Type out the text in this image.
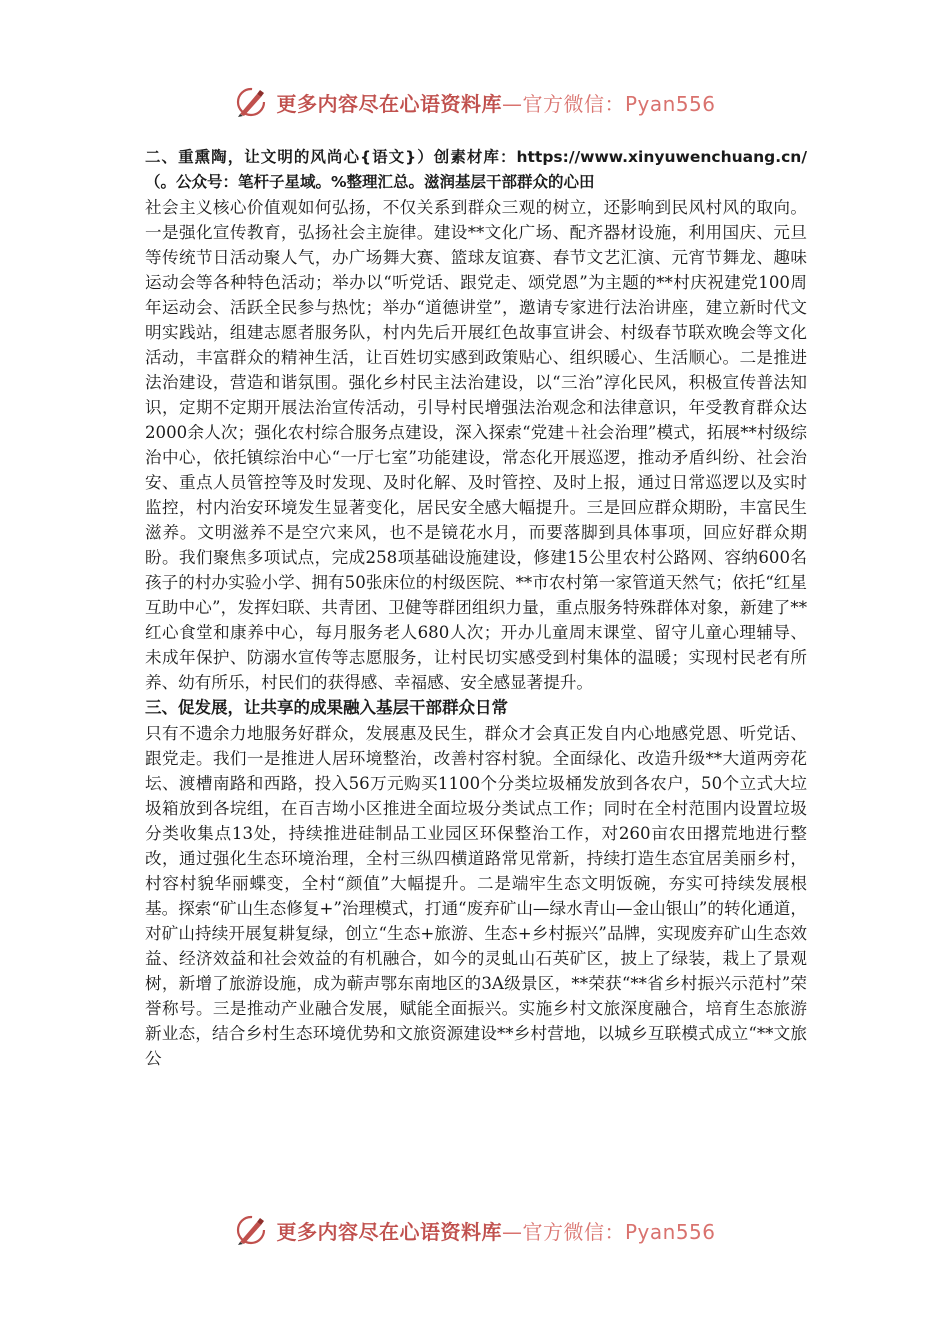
更多内容尽在心语资料库—官方微信：Pyan556

二、重熏陶，让文明的风尚心{语文}）创素材库：https://www.xinyuwenchuang.cn/（。公众号：笔杆子星域。%整理汇总。滋润基层干部群众的心田

社会主义核心价值观如何弘扬，不仅关系到群众三观的树立，还影响到民风村风的取向。一是强化宣传教育，弘扬社会主旋律。建设**文化广场、配齐器材设施，利用国庆、元旦等传统节日活动聚人气，办广场舞大赛、篮球友谊赛、春节文艺汇演、元宵节舞龙、趣味运动会等各种特色活动；举办以“听党话、跟党走、颂党恩”为主题的**村庆祝建党100周年运动会、活跃全民参与热忱；举办“道德讲堂”，邀请专家进行法治讲座，建立新时代文明实践站，组建志愿者服务队，村内先后开展红色故事宣讲会、村级春节联欢晚会等文化活动，丰富群众的精神生活，让百姓切实感到政策贴心、组织暖心、生活顺心。二是推进法治建设，营造和谐氛围。强化乡村民主法治建设，以“三治”淳化民风，积极宣传普法知识，定期不定期开展法治宣传活动，引导村民增强法治观念和法律意识，年受教育群众达2000余人次；强化农村综合服务点建设，深入探索“党建＋社会治理”模式，拓展**村级综治中心，依托镇综治中心“一厅七室”功能建设，常态化开展巡逻，推动矛盾纠纷、社会治安、重点人员管控等及时发现、及时化解、及时管控、及时上报，通过日常巡逻以及实时监控，村内治安环境发生显著变化，居民安全感大幅提升。三是回应群众期盼，丰富民生滋养。文明滋养不是空穴来风，也不是镜花水月，而要落脚到具体事项，回应好群众期盼。我们聚焦多项试点，完成258项基础设施建设，修建15公里农村公路网、容纳600名孩子的村办实验小学、拥有50张床位的村级医院、**市农村第一家管道天然气；依托“红星互助中心”，发挥妇联、共青团、卫健等群团组织力量，重点服务特殊群体对象，新建了**红心食堂和康养中心，每月服务老人680人次；开办儿童周末课堂、留守儿童心理辅导、未成年保护、防溺水宣传等志愿服务，让村民切实感受到村集体的温暖；实现村民老有所养、幼有所乐，村民们的获得感、幸福感、安全感显著提升。

三、促发展，让共享的成果融入基层干部群众日常

只有不遗余力地服务好群众，发展惠及民生，群众才会真正发自内心地感党恩、听党话、跟党走。我们一是推进人居环境整治，改善村容村貌。全面绿化、改造升级**大道两旁花坛、渡槽南路和西路，投入56万元购买1100个分类垃圾桶发放到各农户，50个立式大垃圾箱放到各垸组，在百吉坳小区推进全面垃圾分类试点工作；同时在全村范围内设置垃圾分类收集点13处，持续推进硅制品工业园区环保整治工作，对260亩农田撂荒地进行整改，通过强化生态环境治理，全村三纵四横道路常见常新，持续打造生态宜居美丽乡村，村容村貌华丽蝶变，全村“颜值”大幅提升。二是端牢生态文明饭碗，夯实可持续发展根基。探索“矿山生态修复+”治理模式，打通“废弃矿山—绿水青山—金山银山”的转化通道，对矿山持续开展复耕复绿，创立“生态+旅游、生态+乡村振兴”品牌，实现废弃矿山生态效益、经济效益和社会效益的有机融合，如今的灵虬山石英矿区，披上了绿装，栽上了景观树，新增了旅游设施，成为蕲声鄂东南地区的3A级景区，**荣获“**省乡村振兴示范村”荣誉称号。三是推动产业融合发展，赋能全面振兴。实施乡村文旅深度融合，培育生态旅游新业态，结合乡村生态环境优势和文旅资源建设**乡村营地，以城乡互联模式成立“**文旅公

更多内容尽在心语资料库—官方微信：Pyan556
